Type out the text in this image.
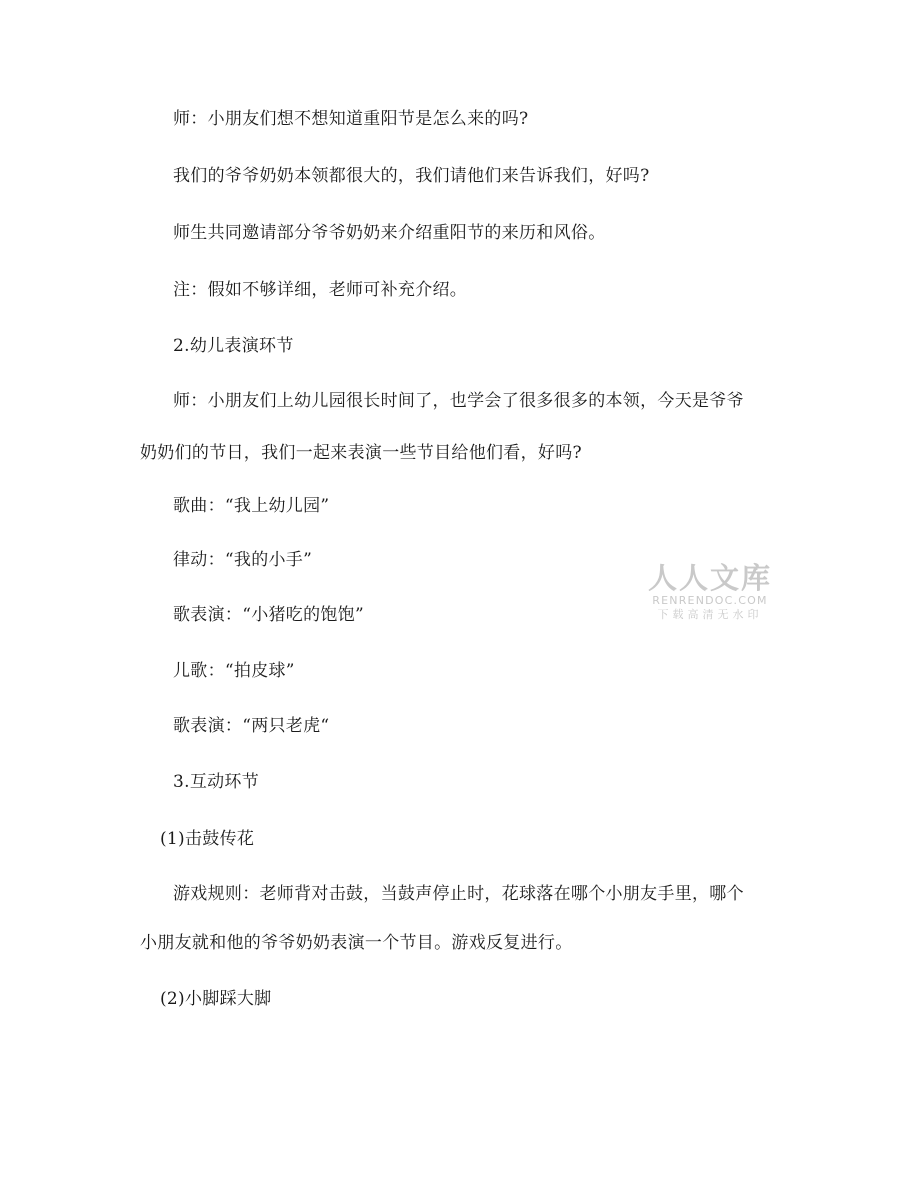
师：小朋友们想不想知道重阳节是怎么来的吗?
我们的爷爷奶奶本领都很大的，我们请他们来告诉我们，好吗?
师生共同邀请部分爷爷奶奶来介绍重阳节的来历和风俗。
注：假如不够详细，老师可补充介绍。
2.幼儿表演环节
师：小朋友们上幼儿园很长时间了，也学会了很多很多的本领，今天是爷爷
奶奶们的节日，我们一起来表演一些节目给他们看，好吗?
歌曲：“我上幼儿园”
律动：“我的小手”
歌表演：“小猪吃的饱饱”
儿歌：“拍皮球”
歌表演：“两只老虎“
3.互动环节
(1)击鼓传花
游戏规则：老师背对击鼓，当鼓声停止时，花球落在哪个小朋友手里，哪个
小朋友就和他的爷爷奶奶表演一个节目。游戏反复进行。
(2)小脚踩大脚
人人文库
RENRENDOC.COM
下载高清无水印
